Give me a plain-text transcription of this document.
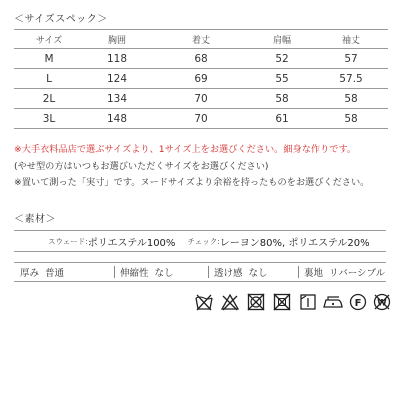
＜サイズスペック＞
サイズ	胸囲	着丈	肩幅	袖丈
M	118	68	52	57
L	124	69	55	57.5
2L	134	70	58	58
3L	148	70	61	58
※大手衣料品店で選ぶサイズより、1サイズ上をお選びください。細身な作りです。
(やせ型の方はいつもお選びいただくサイズをお選びください)
※置いて測った「実寸」です。ヌードサイズより余裕を持ったものをお選びください。
＜素材＞
スウェード: ポリエステル100% チェック: レーヨン80%, ポリエステル20%
厚み 普通	伸縮性 なし	透け感 なし	裏地 リバーシブル
F W
